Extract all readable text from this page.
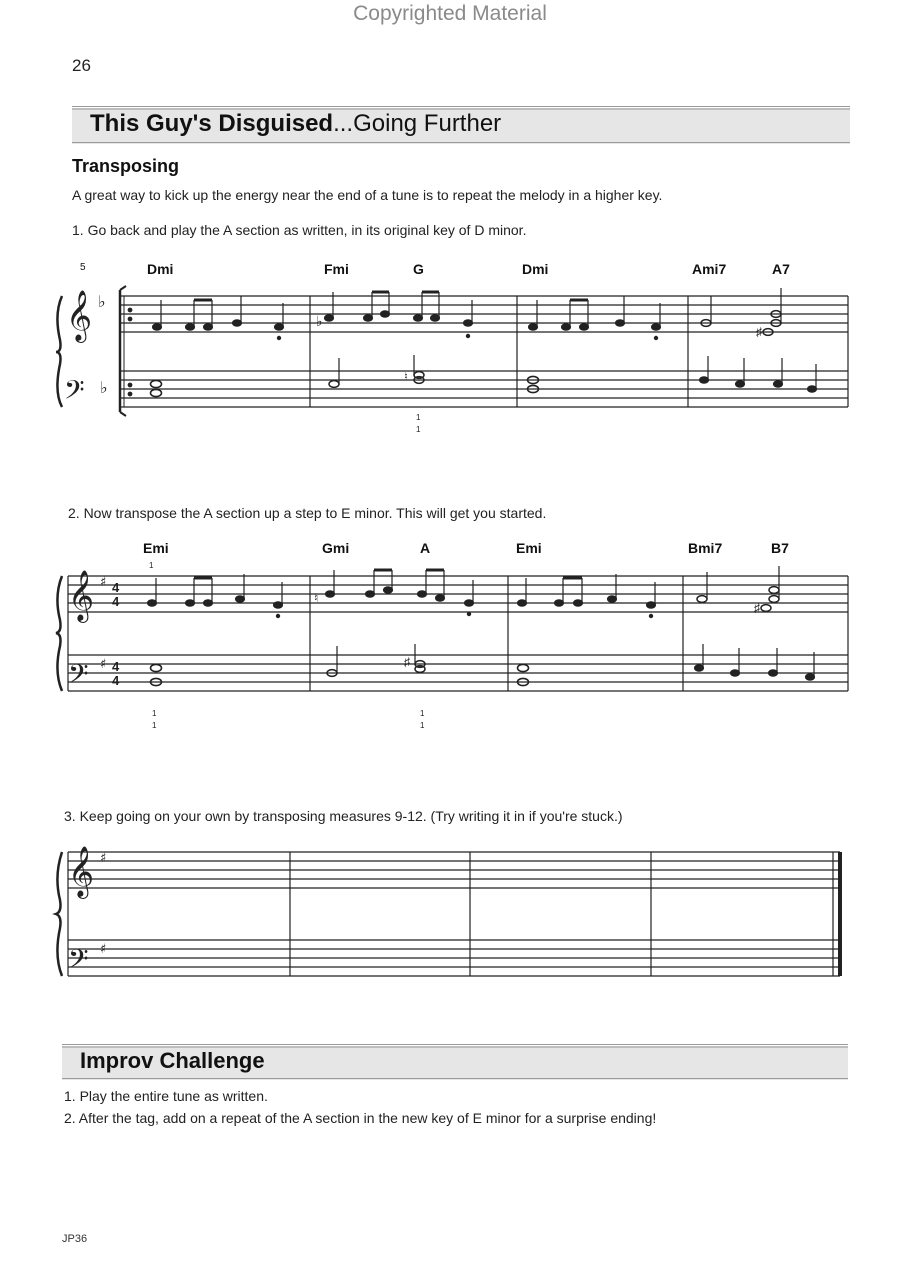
Copyrighted Material
26
This Guy's Disguised...Going Further
Transposing
A great way to kick up the energy near the end of a tune is to repeat the melody in a higher key.
1. Go back and play the A section as written, in its original key of D minor.
5	Dmi	Fmi	G	Dmi	Ami7	A7
2. Now transpose the A section up a step to E minor. This will get you started.
Emi	Gmi	A	Emi	Bmi7	B7
3. Keep going on your own by transposing measures 9-12. (Try writing it in if you're stuck.)
𝄞
𝄢
♭
♭
♭
♯
♮
1
1
𝄞
𝄢
♯
♯
4
4
4
4
1
♮
♯
1
1
♯
1
1
𝄞
𝄢
♯
♯
Improv Challenge
1. Play the entire tune as written.
2. After the tag, add on a repeat of the A section in the new key of E minor for a surprise ending!
JP36
